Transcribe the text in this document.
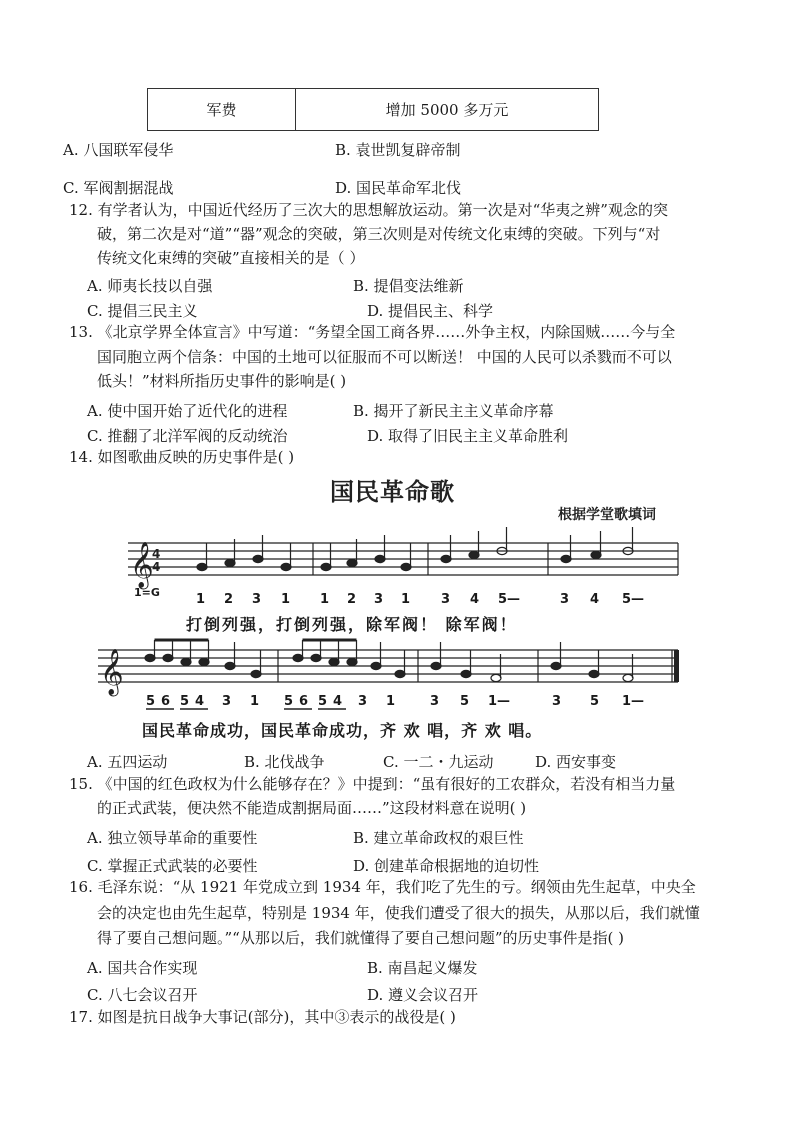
军费	增加 5000 多万元
A. 八国联军侵华	B. 袁世凯复辟帝制
C. 军阀割据混战	D. 国民革命军北伐
12. 有学者认为，中国近代经历了三次大的思想解放运动。第一次是对“华夷之辨”观念的突
破，第二次是对“道”“器”观念的突破，第三次则是对传统文化束缚的突破。下列与“对
传统文化束缚的突破”直接相关的是（ ）
A. 师夷长技以自强	B. 提倡变法维新
C. 提倡三民主义	D. 提倡民主、科学
13. 《北京学界全体宣言》中写道：“务望全国工商各界……外争主权，内除国贼……今与全
国同胞立两个信条：中国的土地可以征服而不可以断送！ 中国的人民可以杀戮而不可以
低头！”材料所指历史事件的影响是( )
A. 使中国开始了近代化的进程	B. 揭开了新民主主义革命序幕
C. 推翻了北洋军阀的反动统治	D. 取得了旧民主主义革命胜利
14. 如图歌曲反映的历史事件是( )
国民革命歌
根据学堂歌填词
𝄞
𝄞
4
4
1=G	1 2 3 1 1 2 3 1 3 4 5—	3 4 5—
打倒列强，打倒列强，除军阀！ 除军阀！
56 54 3 1 56 54 3 1	3 5 1—	3 5 1—
国民革命成功，国民革命成功，齐 欢 唱，齐 欢 唱。
A. 五四运动	B. 北伐战争	C. 一二・九运动	D. 西安事变
15. 《中国的红色政权为什么能够存在？》中提到：“虽有很好的工农群众，若没有相当力量
的正式武装，便决然不能造成割据局面……”这段材料意在说明( )
A. 独立领导革命的重要性	B. 建立革命政权的艰巨性
C. 掌握正式武装的必要性	D. 创建革命根据地的迫切性
16. 毛泽东说：“从 1921 年党成立到 1934 年，我们吃了先生的亏。纲领由先生起草，中央全
会的决定也由先生起草，特别是 1934 年，使我们遭受了很大的损失，从那以后，我们就懂
得了要自己想问题。”“从那以后，我们就懂得了要自己想问题”的历史事件是指( )
A. 国共合作实现	B. 南昌起义爆发
C. 八七会议召开	D. 遵义会议召开
17. 如图是抗日战争大事记(部分)，其中③表示的战役是( )
